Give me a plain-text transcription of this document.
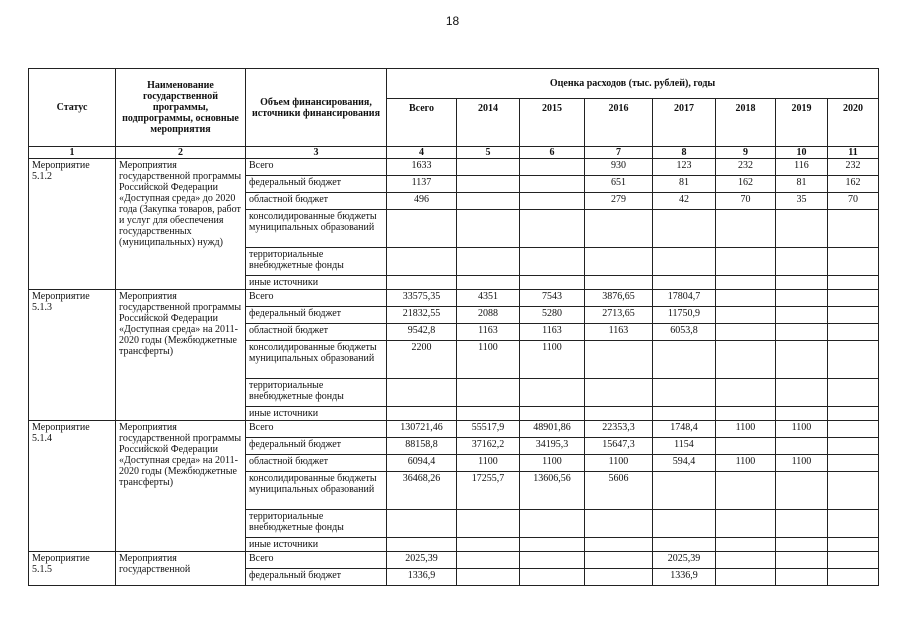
18
Статус	Наименование государственной программы, подпрограммы, основные мероприятия	Объем финансирования, источники финансирования	Оценка расходов (тыс. рублей), годы							
			Всего	2014	2015	2016	2017	2018	2019	2020
1	2	3	4	5	6	7	8	9	10	11
Мероприятие 5.1.2	Мероприятия государственной программы Российской Федерации «Доступная среда» до 2020 года (Закупка товаров, работ и услуг для обеспечения государственных (муниципальных) нужд)	Всего	1633			930	123	232	116	232
		федеральный бюджет	1137			651	81	162	81	162
		областной бюджет	496			279	42	70	35	70
		консолидированные бюджеты муниципальных образований								
		территориальные внебюджетные фонды								
		иные источники								
Мероприятие 5.1.3	Мероприятия государственной программы Российской Федерации «Доступная среда» на 2011-2020 годы (Межбюджетные трансферты)	Всего	33575,35	4351	7543	3876,65	17804,7			
		федеральный бюджет	21832,55	2088	5280	2713,65	11750,9			
		областной бюджет	9542,8	1163	1163	1163	6053,8			
		консолидированные бюджеты муниципальных образований	2200	1100	1100					
		территориальные внебюджетные фонды								
		иные источники								
Мероприятие 5.1.4	Мероприятия государственной программы Российской Федерации «Доступная среда» на 2011-2020 годы (Межбюджетные трансферты)	Всего	130721,46	55517,9	48901,86	22353,3	1748,4	1100	1100	
		федеральный бюджет	88158,8	37162,2	34195,3	15647,3	1154			
		областной бюджет	6094,4	1100	1100	1100	594,4	1100	1100	
		консолидированные бюджеты муниципальных образований	36468,26	17255,7	13606,56	5606				
		территориальные внебюджетные фонды								
		иные источники								
Мероприятие 5.1.5	Мероприятия государственной	Всего	2025,39				2025,39			
		федеральный бюджет	1336,9				1336,9			
